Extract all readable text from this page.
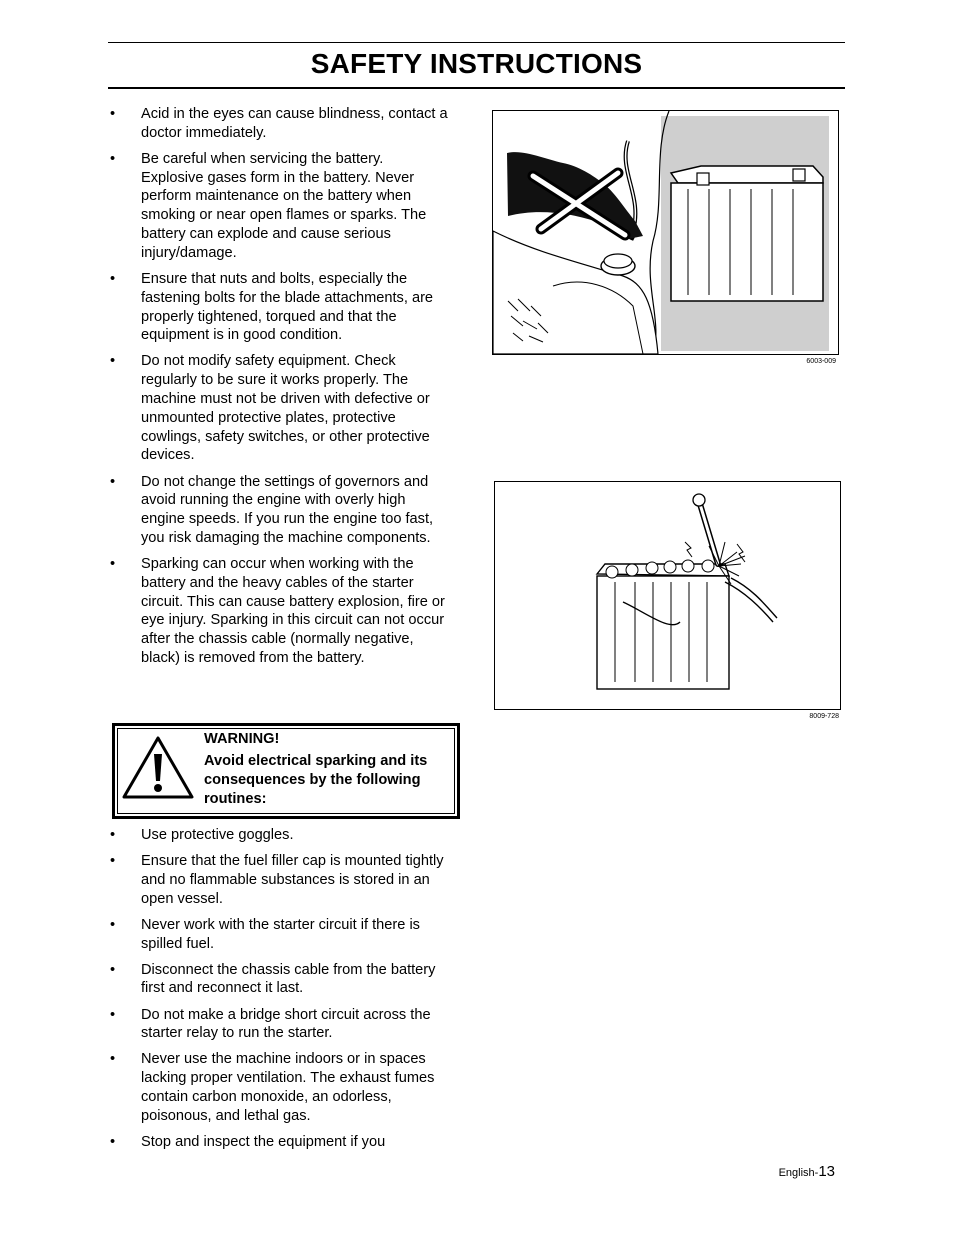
SAFETY INSTRUCTIONS
• Acid in the eyes can cause blindness, contact a doctor immediately.
• Be careful when servicing the battery. Explosive gases form in the battery. Never perform maintenance on the battery when smoking or near open flames or sparks. The battery can explode and cause serious injury/damage.
• Ensure that nuts and bolts, especially the fastening bolts for the blade attachments, are properly tightened, torqued and that the equipment is in good condition.
• Do not modify safety equipment. Check regularly to be sure it works properly. The machine must not be driven with defective or unmounted protective plates, protective cowlings, safety switches, or other protective devices.
• Do not change the settings of governors and avoid running the engine with overly high engine speeds. If you run the engine too fast, you risk damaging the machine components.
• Sparking can occur when working with the battery and the heavy cables of the starter circuit. This can cause battery explosion, fire or eye injury. Sparking in this circuit can not occur after the chassis cable (normally negative, black) is removed from the battery.
WARNING!
Avoid electrical sparking and its consequences by the following routines:
• Use protective goggles.
• Ensure that the fuel filler cap is mounted tightly and no flammable substances is stored in an open vessel.
• Never work with the starter circuit if there is spilled fuel.
• Disconnect the chassis cable from the battery first and reconnect it last.
• Do not make a bridge short circuit across the starter relay to run the starter.
• Never use the machine indoors or in spaces lacking proper ventilation. The exhaust fumes contain carbon monoxide, an odorless, poisonous, and lethal gas.
• Stop and inspect the equipment if you
6003-009
8009-728
English-13
